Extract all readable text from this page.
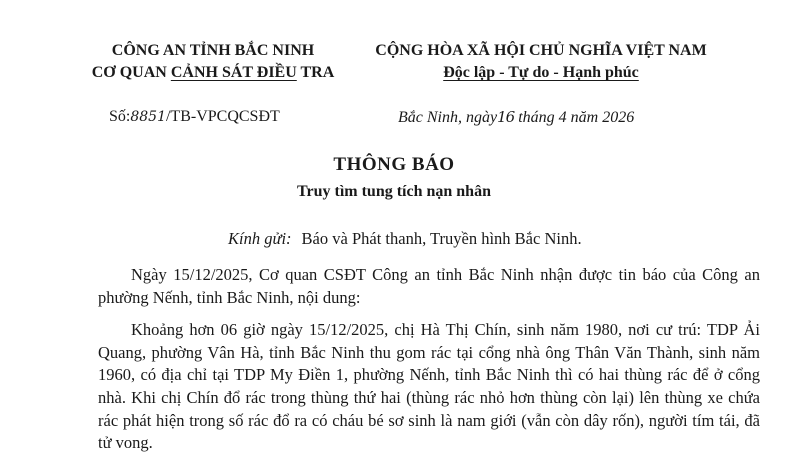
CÔNG AN TỈNH BẮC NINH
CƠ QUAN CẢNH SÁT ĐIỀU TRA
CỘNG HÒA XÃ HỘI CHỦ NGHĨA VIỆT NAM
Độc lập - Tự do - Hạnh phúc
Số:8851/TB-VPCQCSĐT	Bắc Ninh, ngày16 tháng 4 năm 2026
THÔNG BÁO
Truy tìm tung tích nạn nhân
Kính gửi: Báo và Phát thanh, Truyền hình Bắc Ninh.

Ngày 15/12/2025, Cơ quan CSĐT Công an tỉnh Bắc Ninh nhận được tin báo của Công an phường Nếnh, tỉnh Bắc Ninh, nội dung:

Khoảng hơn 06 giờ ngày 15/12/2025, chị Hà Thị Chín, sinh năm 1980, nơi cư trú: TDP Ải Quang, phường Vân Hà, tỉnh Bắc Ninh thu gom rác tại cổng nhà ông Thân Văn Thành, sinh năm 1960, có địa chỉ tại TDP My Điền 1, phường Nếnh, tỉnh Bắc Ninh thì có hai thùng rác để ở cổng nhà. Khi chị Chín đổ rác trong thùng thứ hai (thùng rác nhỏ hơn thùng còn lại) lên thùng xe chứa rác phát hiện trong số rác đổ ra có cháu bé sơ sinh là nam giới (vẫn còn dây rốn), người tím tái, đã tử vong.
